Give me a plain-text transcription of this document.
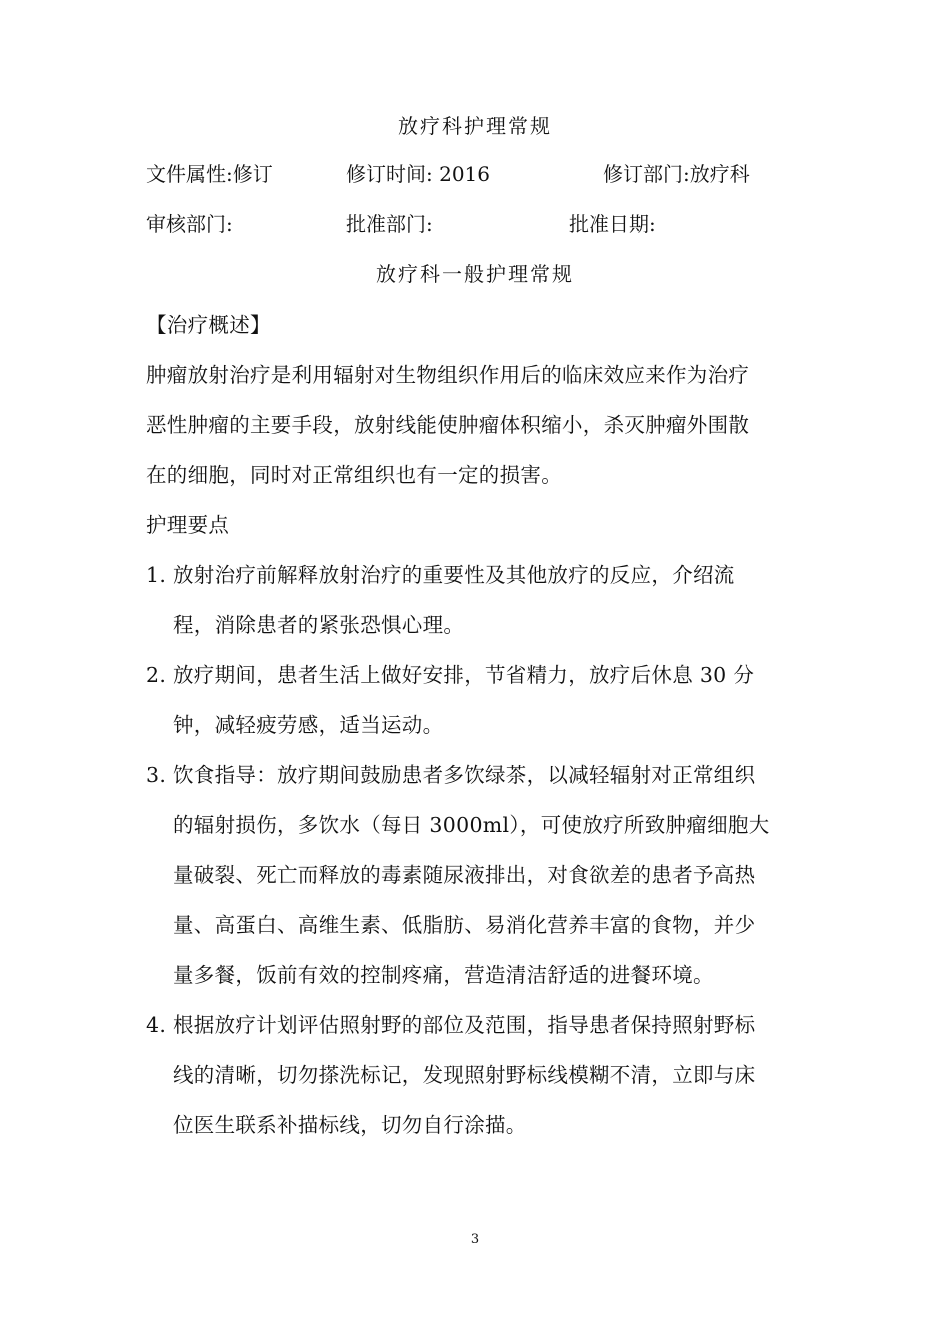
放疗科护理常规
文件属性:修订	修订时间: 2016	修订部门:放疗科
审核部门:	批准部门:	批准日期:
放疗科一般护理常规
【治疗概述】
肿瘤放射治疗是利用辐射对生物组织作用后的临床效应来作为治疗
恶性肿瘤的主要手段，放射线能使肿瘤体积缩小，杀灭肿瘤外围散
在的细胞，同时对正常组织也有一定的损害。
护理要点
1. 放射治疗前解释放射治疗的重要性及其他放疗的反应，介绍流
程，消除患者的紧张恐惧心理。
2. 放疗期间，患者生活上做好安排，节省精力，放疗后休息 30 分
钟，减轻疲劳感，适当运动。
3. 饮食指导：放疗期间鼓励患者多饮绿茶，以减轻辐射对正常组织
的辐射损伤，多饮水（每日 3000ml），可使放疗所致肿瘤细胞大
量破裂、死亡而释放的毒素随尿液排出，对食欲差的患者予高热
量、高蛋白、高维生素、低脂肪、易消化营养丰富的食物，并少
量多餐，饭前有效的控制疼痛，营造清洁舒适的进餐环境。
4. 根据放疗计划评估照射野的部位及范围，指导患者保持照射野标
线的清晰，切勿搽洗标记，发现照射野标线模糊不清，立即与床
位医生联系补描标线，切勿自行涂描。
3
